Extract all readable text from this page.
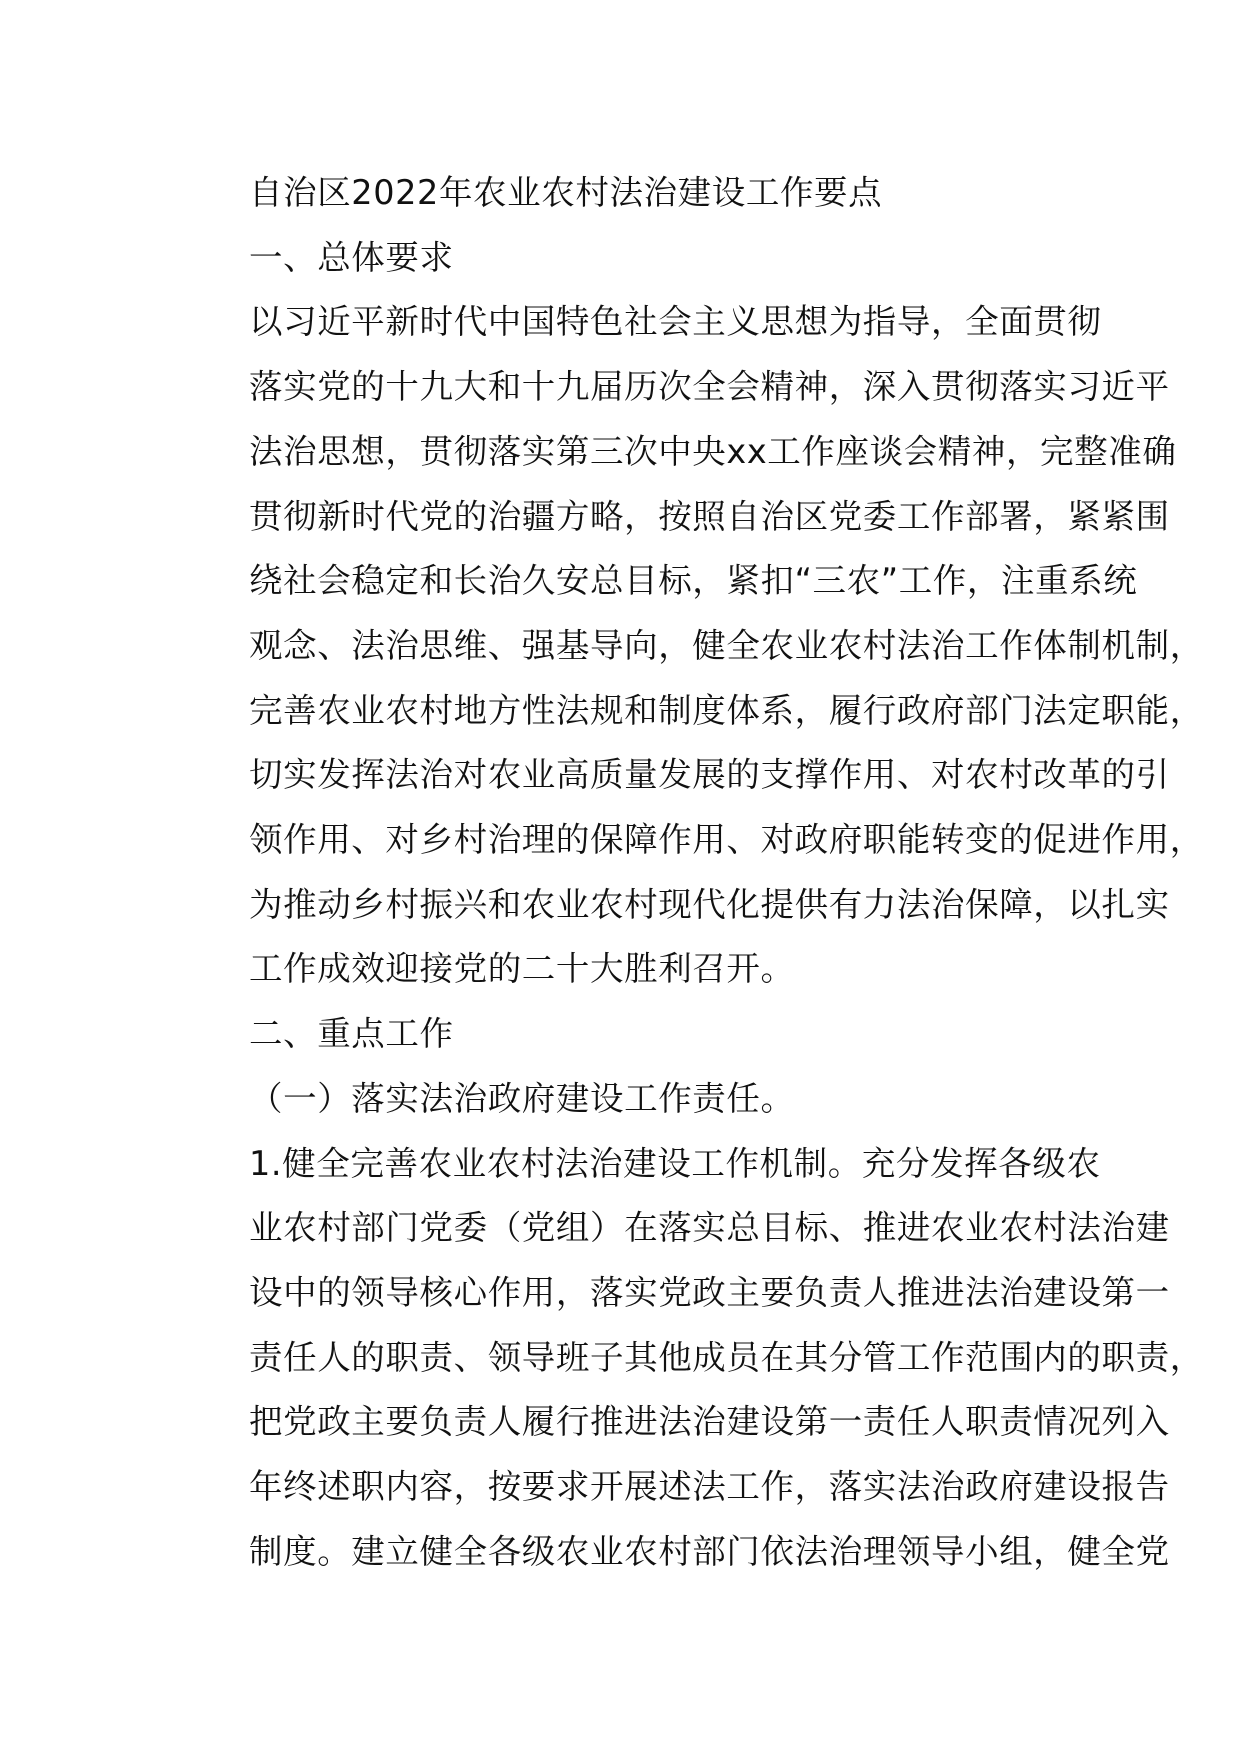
自治区2022年农业农村法治建设工作要点

一、总体要求

以习近平新时代中国特色社会主义思想为指导，全面贯彻
落实党的十九大和十九届历次全会精神，深入贯彻落实习近平
法治思想，贯彻落实第三次中央xx工作座谈会精神，完整准确
贯彻新时代党的治疆方略，按照自治区党委工作部署，紧紧围
绕社会稳定和长治久安总目标，紧扣“三农”工作，注重系统
观念、法治思维、强基导向，健全农业农村法治工作体制机制，
完善农业农村地方性法规和制度体系，履行政府部门法定职能，
切实发挥法治对农业高质量发展的支撑作用、对农村改革的引
领作用、对乡村治理的保障作用、对政府职能转变的促进作用，
为推动乡村振兴和农业农村现代化提供有力法治保障，以扎实
工作成效迎接党的二十大胜利召开。

二、重点工作

（一）落实法治政府建设工作责任。

1.健全完善农业农村法治建设工作机制。充分发挥各级农
业农村部门党委（党组）在落实总目标、推进农业农村法治建
设中的领导核心作用，落实党政主要负责人推进法治建设第一
责任人的职责、领导班子其他成员在其分管工作范围内的职责，
把党政主要负责人履行推进法治建设第一责任人职责情况列入
年终述职内容，按要求开展述法工作，落实法治政府建设报告
制度。建立健全各级农业农村部门依法治理领导小组，健全党
